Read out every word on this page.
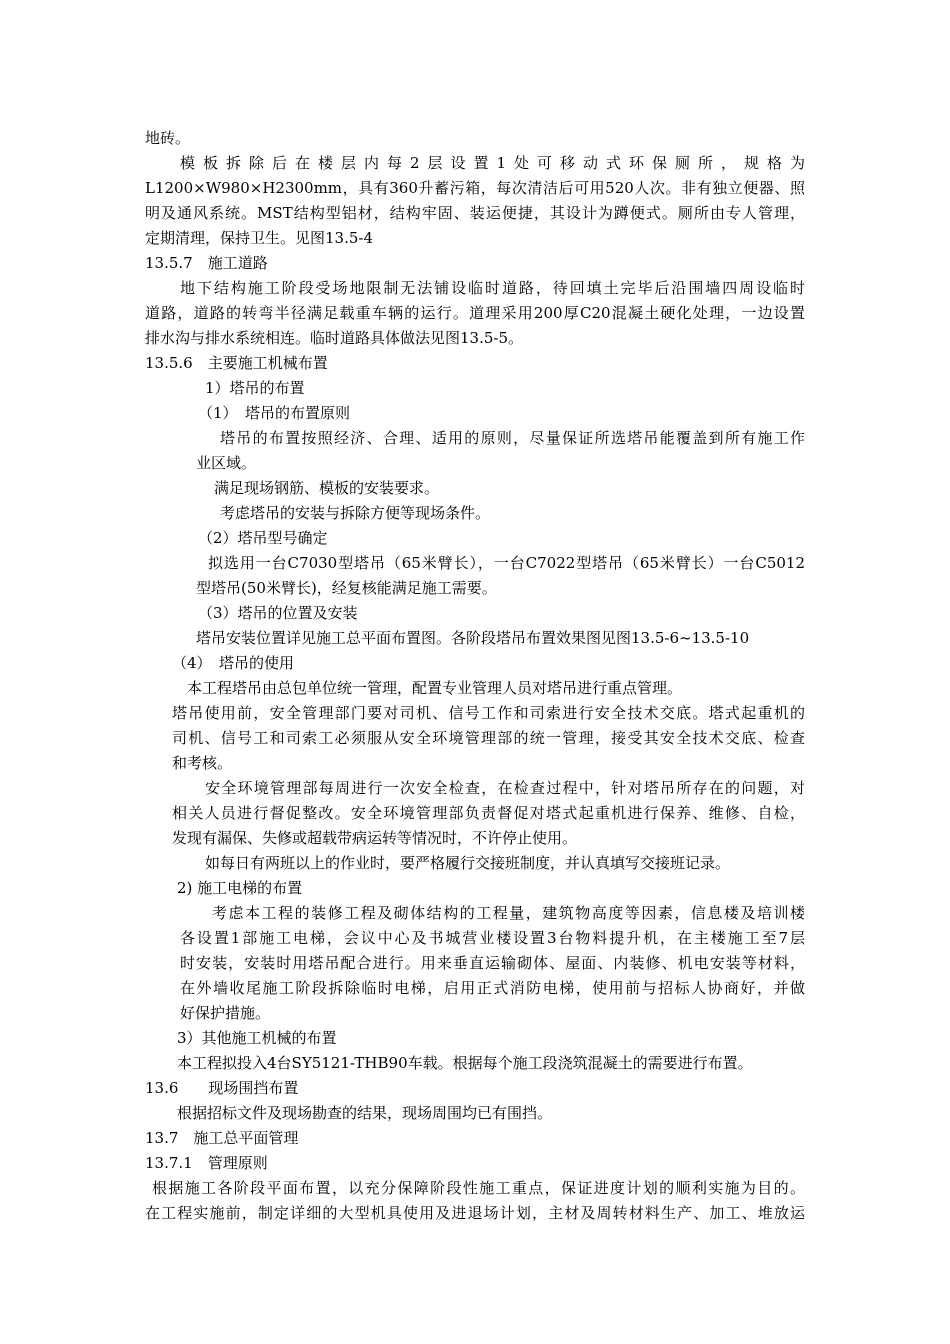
地砖。
模板拆除后在楼层内每2层设置1处可移动式环保厕所，规格为
L1200×W980×H2300mm，具有360升蓄污箱，每次清洁后可用520人次。非有独立便器、照
明及通风系统。MST结构型铝材，结构牢固、装运便捷，其设计为蹲便式。厕所由专人管理，
定期清理，保持卫生。见图13.5-4
13.5.7　施工道路
地下结构施工阶段受场地限制无法铺设临时道路，待回填土完毕后沿围墙四周设临时
道路，道路的转弯半径满足载重车辆的运行。道理采用200厚C20混凝土硬化处理，一边设置
排水沟与排水系统相连。临时道路具体做法见图13.5-5。
13.5.6　主要施工机械布置
1）塔吊的布置
（1）　塔吊的布置原则
塔吊的布置按照经济、合理、适用的原则，尽量保证所选塔吊能覆盖到所有施工作
业区域。
满足现场钢筋、模板的安装要求。
考虑塔吊的安装与拆除方便等现场条件。
（2）塔吊型号确定
拟选用一台C7030型塔吊（65米臂长），一台C7022型塔吊（65米臂长）一台C5012
型塔吊(50米臂长)，经复核能满足施工需要。
（3）塔吊的位置及安装
塔吊安装位置详见施工总平面布置图。各阶段塔吊布置效果图见图13.5-6~13.5-10
（4）　塔吊的使用
本工程塔吊由总包单位统一管理，配置专业管理人员对塔吊进行重点管理。
塔吊使用前，安全管理部门要对司机、信号工作和司索进行安全技术交底。塔式起重机的
司机、信号工和司索工必须服从安全环境管理部的统一管理，接受其安全技术交底、检查
和考核。
安全环境管理部每周进行一次安全检查，在检查过程中，针对塔吊所存在的问题，对
相关人员进行督促整改。安全环境管理部负责督促对塔式起重机进行保养、维修、自检，
发现有漏保、失修或超载带病运转等情况时，不许停止使用。
如每日有两班以上的作业时，要严格履行交接班制度，并认真填写交接班记录。
2) 施工电梯的布置
考虑本工程的装修工程及砌体结构的工程量，建筑物高度等因素，信息楼及培训楼
各设置1部施工电梯，会议中心及书城营业楼设置3台物料提升机，在主楼施工至7层
时安装，安装时用塔吊配合进行。用来垂直运输砌体、屋面、内装修、机电安装等材料，
在外墙收尾施工阶段拆除临时电梯，启用正式消防电梯，使用前与招标人协商好，并做
好保护措施。
3）其他施工机械的布置
本工程拟投入4台SY5121-THB90车载。根据每个施工段浇筑混凝土的需要进行布置。
13.6　　现场围挡布置
根据招标文件及现场勘查的结果，现场周围均已有围挡。
13.7　施工总平面管理
13.7.1　管理原则
根据施工各阶段平面布置，以充分保障阶段性施工重点，保证进度计划的顺利实施为目的。
在工程实施前，制定详细的大型机具使用及进退场计划，主材及周转材料生产、加工、堆放运
